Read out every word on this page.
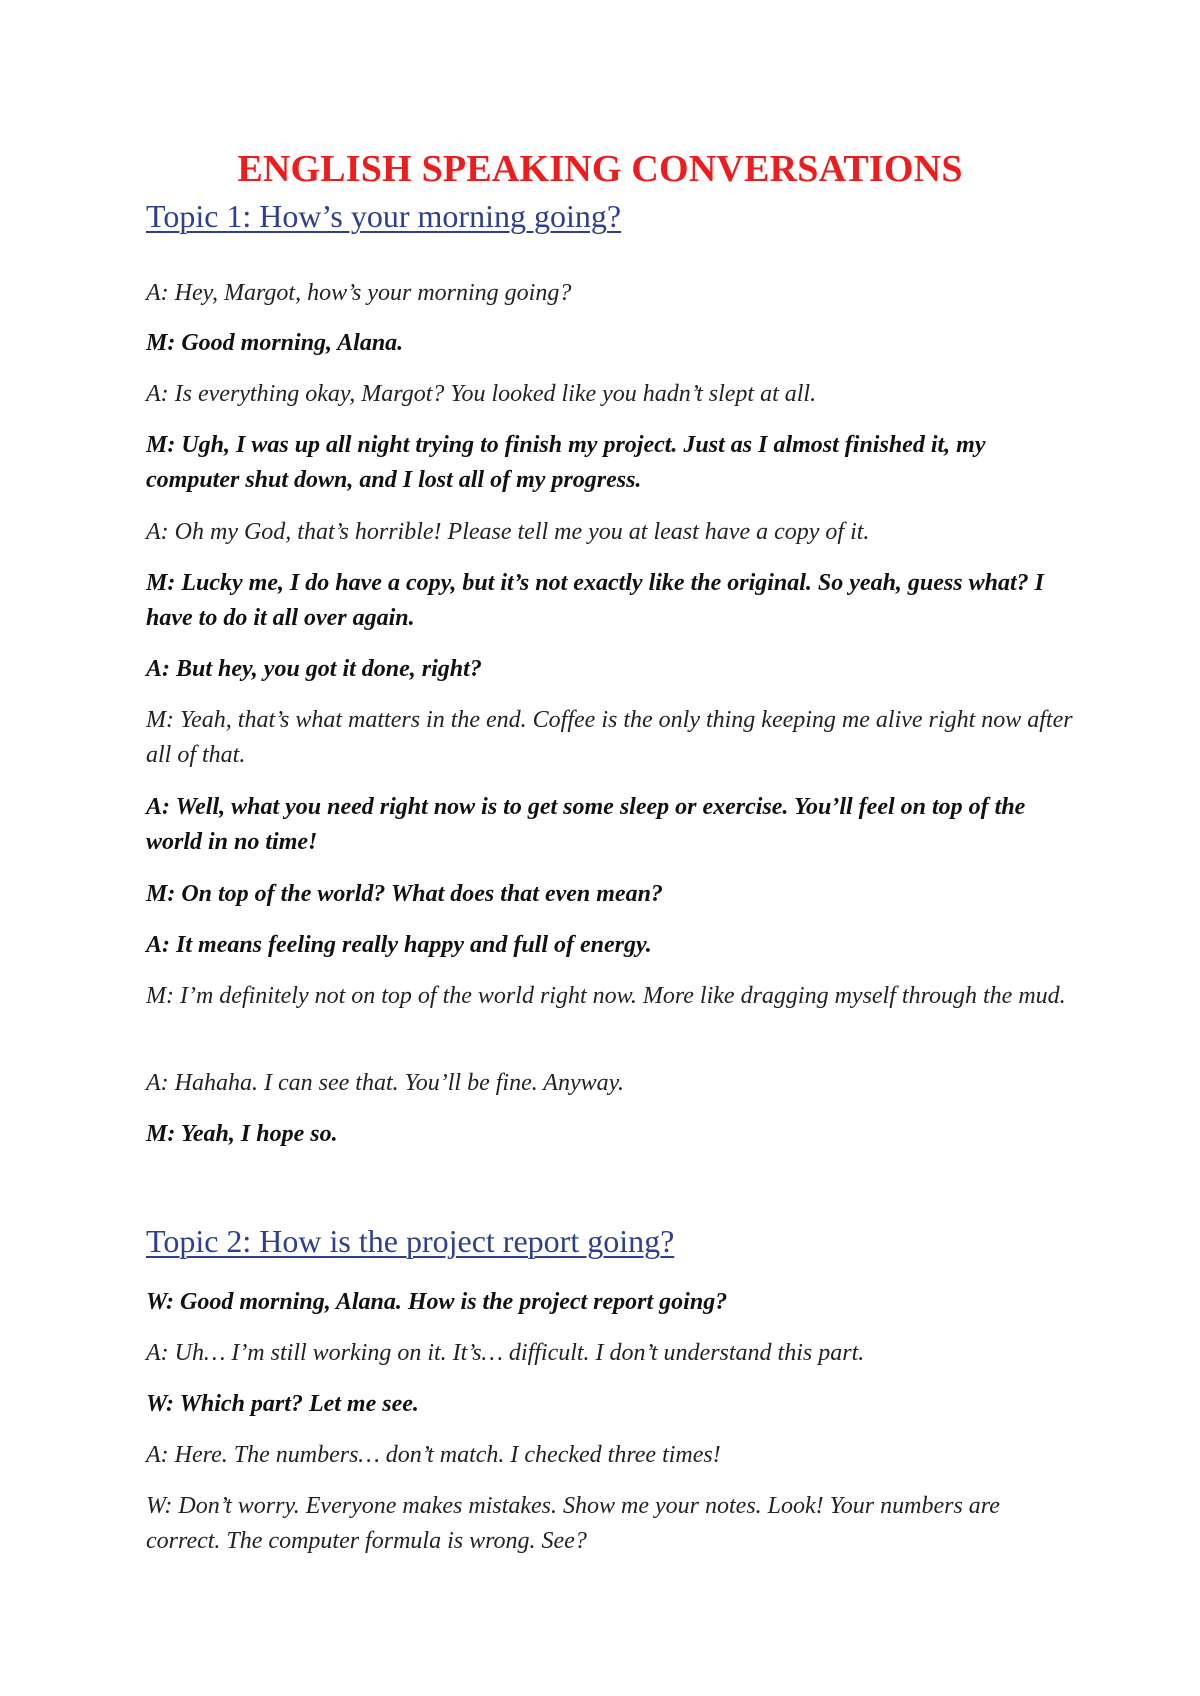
ENGLISH SPEAKING CONVERSATIONS
Topic 1: How’s your morning going?
A: Hey, Margot, how’s your morning going?
M: Good morning, Alana.
A: Is everything okay, Margot? You looked like you hadn’t slept at all.
M: Ugh, I was up all night trying to finish my project. Just as I almost finished it, my computer shut down, and I lost all of my progress.
A: Oh my God, that’s horrible! Please tell me you at least have a copy of it.
M: Lucky me, I do have a copy, but it’s not exactly like the original. So yeah, guess what? I have to do it all over again.
A: But hey, you got it done, right?
M: Yeah, that’s what matters in the end. Coffee is the only thing keeping me alive right now after all of that.
A: Well, what you need right now is to get some sleep or exercise. You’ll feel on top of the world in no time!
M: On top of the world? What does that even mean?
A: It means feeling really happy and full of energy.
M: I’m definitely not on top of the world right now. More like dragging myself through the mud.
A: Hahaha. I can see that. You’ll be fine. Anyway.
M: Yeah, I hope so.
Topic 2: How is the project report going?
W: Good morning, Alana. How is the project report going?
A: Uh… I’m still working on it. It’s… difficult. I don’t understand this part.
W: Which part? Let me see.
A: Here. The numbers… don’t match. I checked three times!
W: Don’t worry. Everyone makes mistakes. Show me your notes. Look! Your numbers are correct. The computer formula is wrong. See?
